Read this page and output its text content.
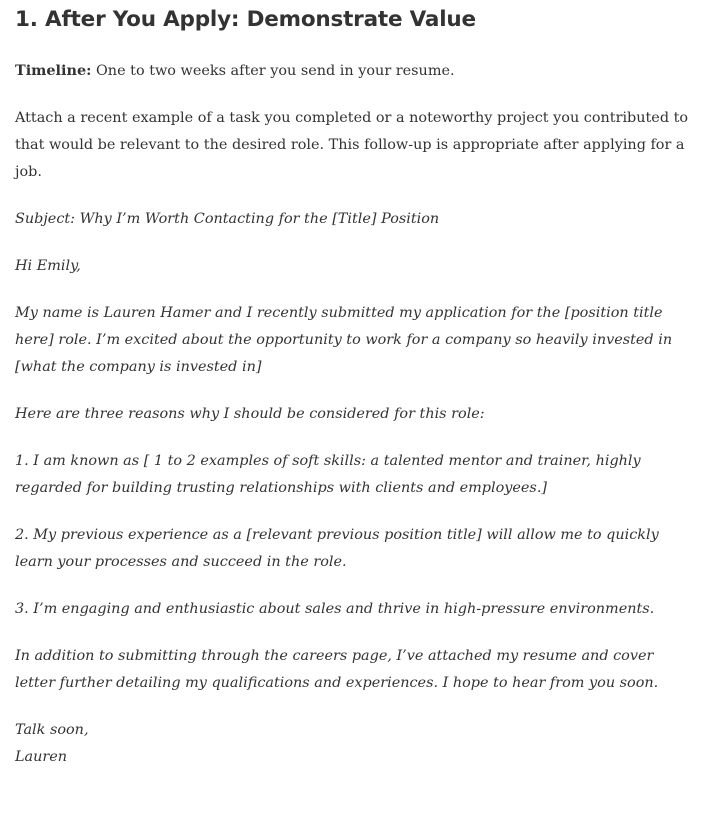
1. After You Apply: Demonstrate Value

Timeline: One to two weeks after you send in your resume.

Attach a recent example of a task you completed or a noteworthy project you contributed to that would be relevant to the desired role. This follow-up is appropriate after applying for a job.

Subject: Why I’m Worth Contacting for the [Title] Position

Hi Emily,

My name is Lauren Hamer and I recently submitted my application for the [position title here] role. I’m excited about the opportunity to work for a company so heavily invested in [what the company is invested in]

Here are three reasons why I should be considered for this role:

1. I am known as [ 1 to 2 examples of soft skills: a talented mentor and trainer, highly regarded for building trusting relationships with clients and employees.]

2. My previous experience as a [relevant previous position title] will allow me to quickly learn your processes and succeed in the role.

3. I’m engaging and enthusiastic about sales and thrive in high-pressure environments.

In addition to submitting through the careers page, I’ve attached my resume and cover letter further detailing my qualifications and experiences. I hope to hear from you soon.

Talk soon,
Lauren
